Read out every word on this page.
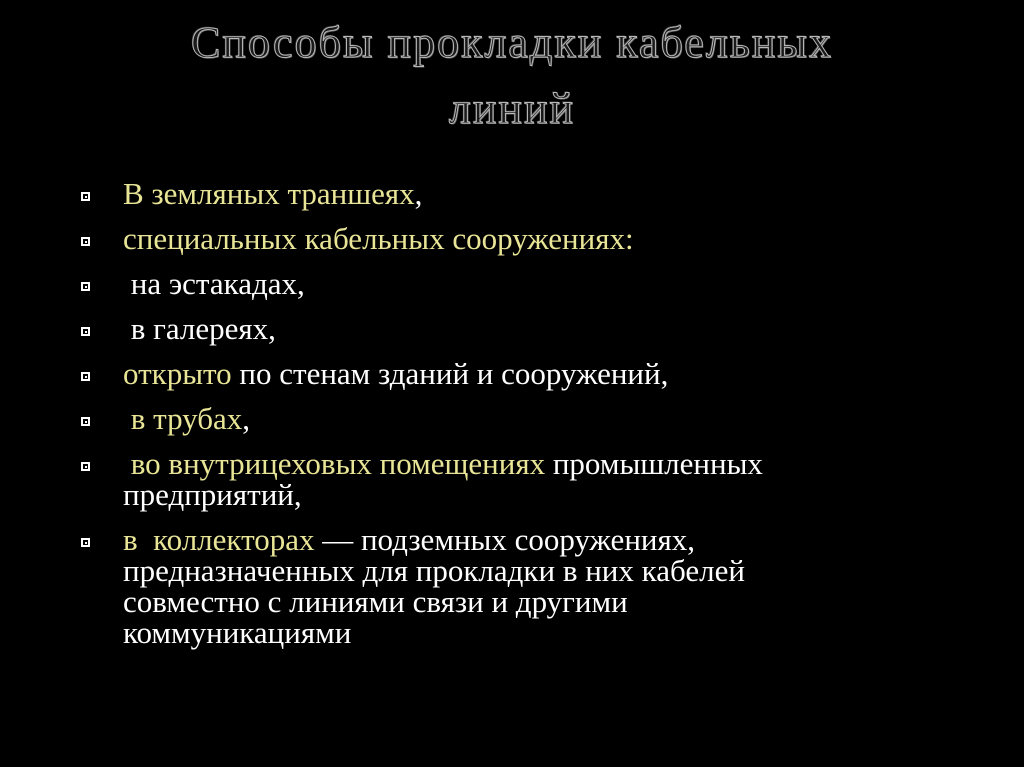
Способы прокладки кабельных
линий
В земляных траншеях,
специальных кабельных сооружениях:
на эстакадах,
в галереях,
открыто по стенам зданий и сооружений,
в трубах,
во внутрицеховых помещениях промышленных
предприятий,
в  коллекторах — подземных сооружениях,
предназначенных для прокладки в них кабелей
совместно с линиями связи и другими
коммуникациями
